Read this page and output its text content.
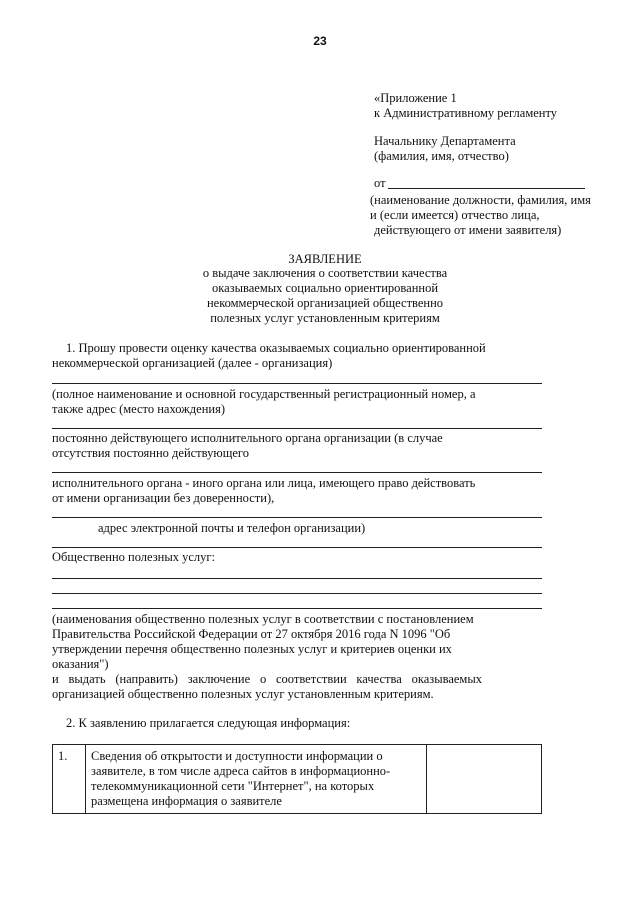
23
«Приложение 1
к Административному регламенту
Начальнику Департамента
(фамилия, имя, отчество)
от
(наименование должности, фамилия, имя
и (если имеется) отчество лица,
действующего от имени заявителя)
ЗАЯВЛЕНИЕ
о выдаче заключения о соответствии качества
оказываемых социально ориентированной
некоммерческой организацией общественно
полезных услуг установленным критериям
1. Прошу провести оценку качества оказываемых социально ориентированной
некоммерческой организацией (далее - организация)
(полное наименование и основной государственный регистрационный номер, а
также адрес (место нахождения)
постоянно действующего исполнительного органа организации (в случае
отсутствия постоянно действующего
исполнительного органа - иного органа или лица, имеющего право действовать
от имени организации без доверенности),
адрес электронной почты и телефон организации)
Общественно полезных услуг:
(наименования общественно полезных услуг в соответствии с постановлением
Правительства Российской Федерации от 27 октября 2016 года N 1096 "Об
утверждении перечня общественно полезных услуг и критериев оценки их
оказания")
и выдать (направить) заключение о соответствии качества оказываемых
организацией общественно полезных услуг установленным критериям.
2. К заявлению прилагается следующая информация:
1.	Сведения об открытости и доступности информации о
заявителе, в том числе адреса сайтов в информационно-
телекоммуникационной сети "Интернет", на которых
размещена информация о заявителе
